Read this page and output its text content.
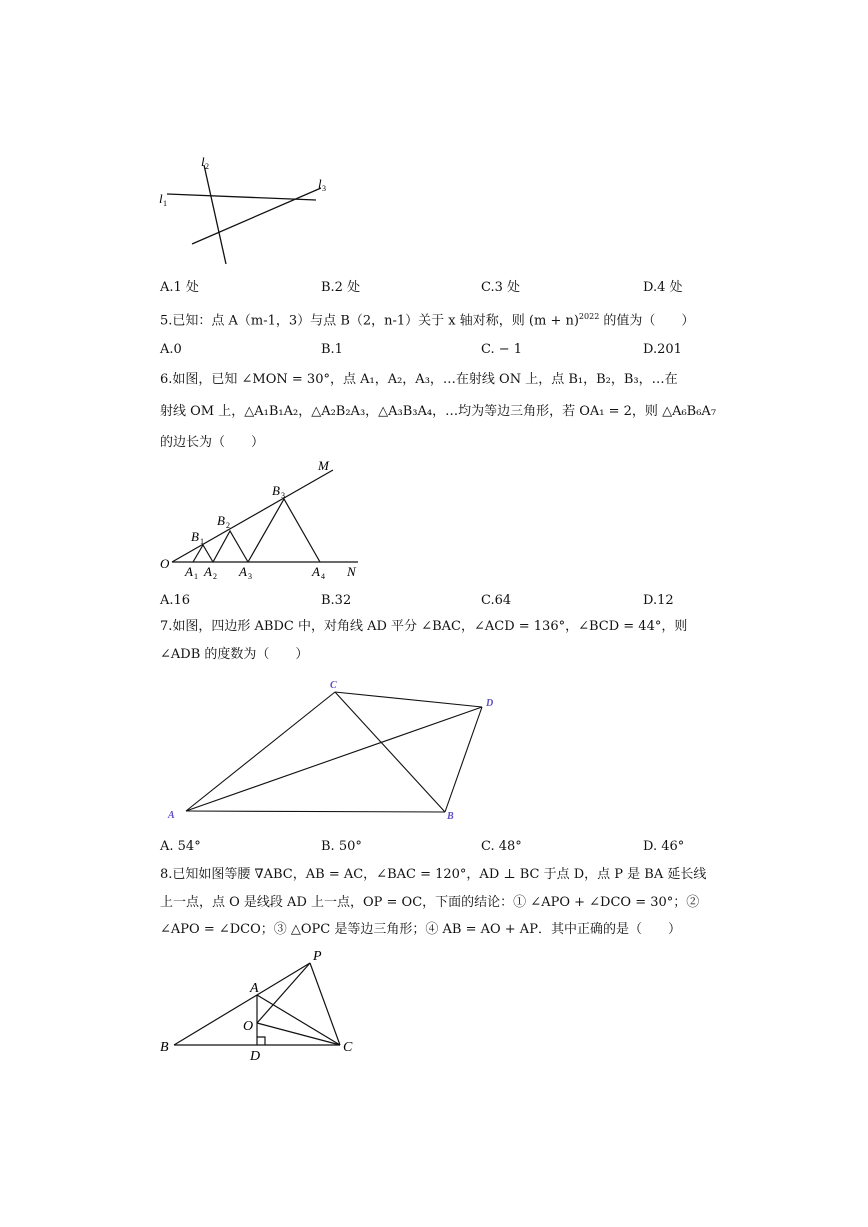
l 1
l 2
l 3
A.1 处	B.2 处	C.3 处	D.4 处
5.已知：点 A（m-1，3）与点 B（2，n-1）关于 x 轴对称，则 $(m + n)^{2022}$ 的值为（　　）
A.0	B.1	C. − 1	D.201
6.如图，已知 ∠MON = 30°，点 A₁，A₂，A₃，…在射线 ON 上，点 B₁，B₂，B₃，…在
射线 OM 上，△A₁B₁A₂，△A₂B₂A₃，△A₃B₃A₄，…均为等边三角形，若 OA₁ = 2，则 △A₆B₆A₇
的边长为（　　）
O
M
N
A A A	A
B
B
B
1 2	3	4
1
2
3
A.16	B.32	C.64	D.12
7.如图，四边形 ABDC 中，对角线 AD 平分 ∠BAC，∠ACD = 136°，∠BCD = 44°，则
∠ADB 的度数为（　　）
A	B
C
D
A. 54°	B. 50°	C. 48°	D. 46°
8.已知如图等腰 ∇ABC，AB = AC，∠BAC = 120°，AD ⊥ BC 于点 D，点 P 是 BA 延长线
上一点，点 O 是线段 AD 上一点，OP = OC，下面的结论：① ∠APO + ∠DCO = 30°；②
∠APO = ∠DCO；③ △OPC 是等边三角形；④ AB = AO + AP．其中正确的是（　　）
B	C
D
A
O
P
